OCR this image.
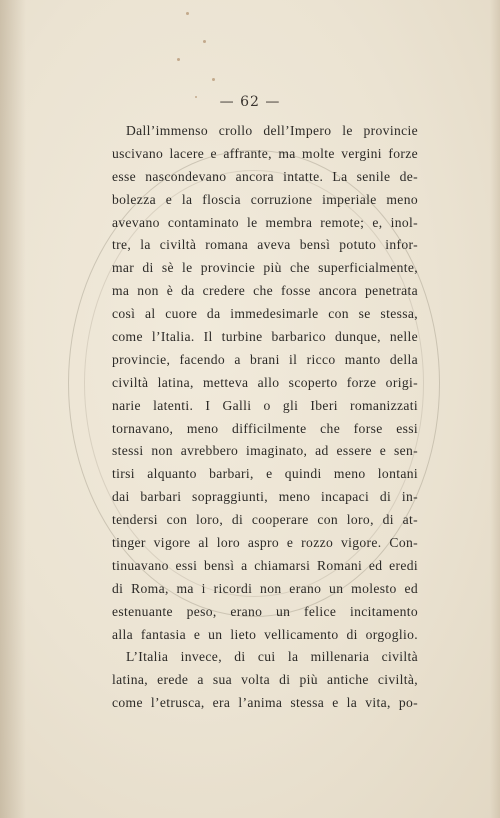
— 62 —
Dall’immenso crollo dell’Impero le provincie
uscivano lacere e affrante, ma molte vergini forze
esse nascondevano ancora intatte. La senile de-
bolezza e la floscia corruzione imperiale meno
avevano contaminato le membra remote; e, inol-
tre, la civiltà romana aveva bensì potuto infor-
mar di sè le provincie più che superficialmente,
ma non è da credere che fosse ancora penetrata
così al cuore da immedesimarle con se stessa,
come l’Italia. Il turbine barbarico dunque, nelle
provincie, facendo a brani il ricco manto della
civiltà latina, metteva allo scoperto forze origi-
narie latenti. I Galli o gli Iberi romanizzati
tornavano, meno difficilmente che forse essi
stessi non avrebbero imaginato, ad essere e sen-
tirsi alquanto barbari, e quindi meno lontani
dai barbari sopraggiunti, meno incapaci di in-
tendersi con loro, di cooperare con loro, di at-
tinger vigore al loro aspro e rozzo vigore. Con-
tinuavano essi bensì a chiamarsi Romani ed eredi
di Roma, ma i ricordi non erano un molesto ed
estenuante peso, erano un felice incitamento
alla fantasia e un lieto vellicamento di orgoglio.
L’Italia invece, di cui la millenaria civiltà
latina, erede a sua volta di più antiche civiltà,
come l’etrusca, era l’anima stessa e la vita, po-
